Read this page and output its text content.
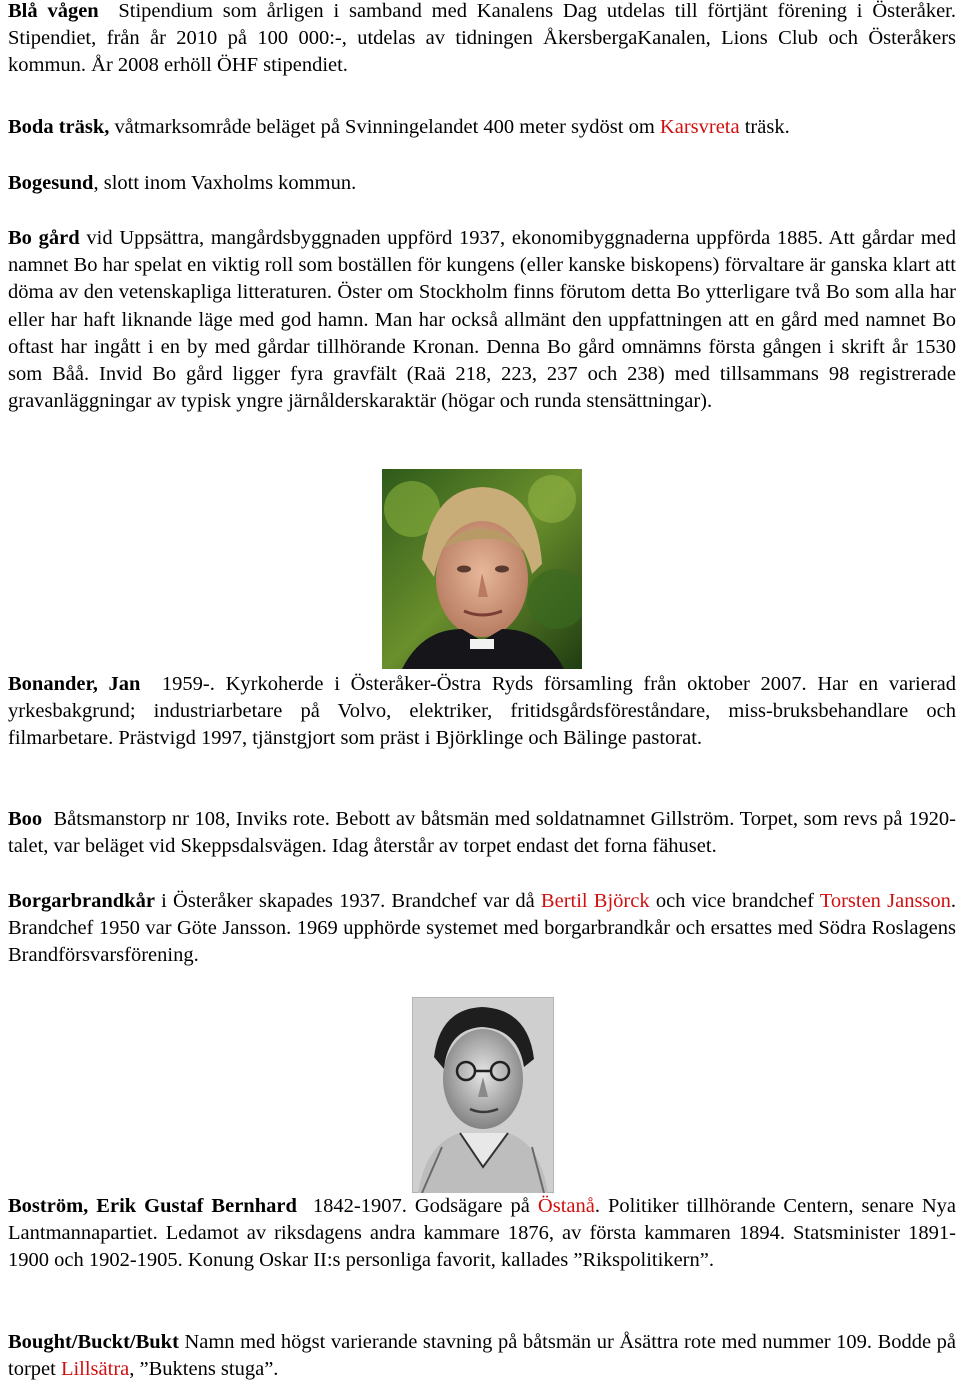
Blå vågen Stipendium som årligen i samband med Kanalens Dag utdelas till förtjänt förening i Österåker. Stipendiet, från år 2010 på 100 000:-, utdelas av tidningen ÅkersbergaKanalen, Lions Club och Österåkers kommun. År 2008 erhöll ÖHF stipendiet.

Boda träsk, våtmarksområde beläget på Svinningelandet 400 meter sydöst om Karsvreta träsk.

Bogesund, slott inom Vaxholms kommun.

Bo gård vid Uppsättra, mangårdsbyggnaden uppförd 1937, ekonomibyggnaderna uppförda 1885. Att gårdar med namnet Bo har spelat en viktig roll som boställen för kungens (eller kanske biskopens) förvaltare är ganska klart att döma av den vetenskapliga litteraturen. Öster om Stockholm finns förutom detta Bo ytterligare två Bo som alla har eller har haft liknande läge med god hamn. Man har också allmänt den uppfattningen att en gård med namnet Bo oftast har ingått i en by med gårdar tillhörande Kronan. Denna Bo gård omnämns första gången i skrift år 1530 som Båå. Invid Bo gård ligger fyra gravfält (Raä 218, 223, 237 och 238) med tillsammans 98 registrerade gravanläggningar av typisk yngre järnålderskaraktär (högar och runda stensättningar).

Bonander, Jan 1959-. Kyrkoherde i Österåker-Östra Ryds församling från oktober 2007. Har en varierad yrkesbakgrund; industriarbetare på Volvo, elektriker, fritidsgårdsföreståndare, miss-bruksbehandlare och filmarbetare. Prästvigd 1997, tjänstgjort som präst i Björklinge och Bälinge pastorat.

Boo Båtsmanstorp nr 108, Inviks rote. Bebott av båtsmän med soldatnamnet Gillström. Torpet, som revs på 1920-talet, var beläget vid Skeppsdalsvägen. Idag återstår av torpet endast det forna fähuset.

Borgarbrandkår i Österåker skapades 1937. Brandchef var då Bertil Björck och vice brandchef Torsten Jansson. Brandchef 1950 var Göte Jansson. 1969 upphörde systemet med borgarbrandkår och ersattes med Södra Roslagens Brandförsvarsförening.

Boström, Erik Gustaf Bernhard 1842-1907. Godsägare på Östanå. Politiker tillhörande Centern, senare Nya Lantmannapartiet. Ledamot av riksdagens andra kammare 1876, av första kammaren 1894. Statsminister 1891-1900 och 1902-1905. Konung Oskar II:s personliga favorit, kallades ”Rikspolitikern”.

Bought/Buckt/Bukt Namn med högst varierande stavning på båtsmän ur Åsättra rote med nummer 109. Bodde på torpet Lillsätra, ”Buktens stuga”.
